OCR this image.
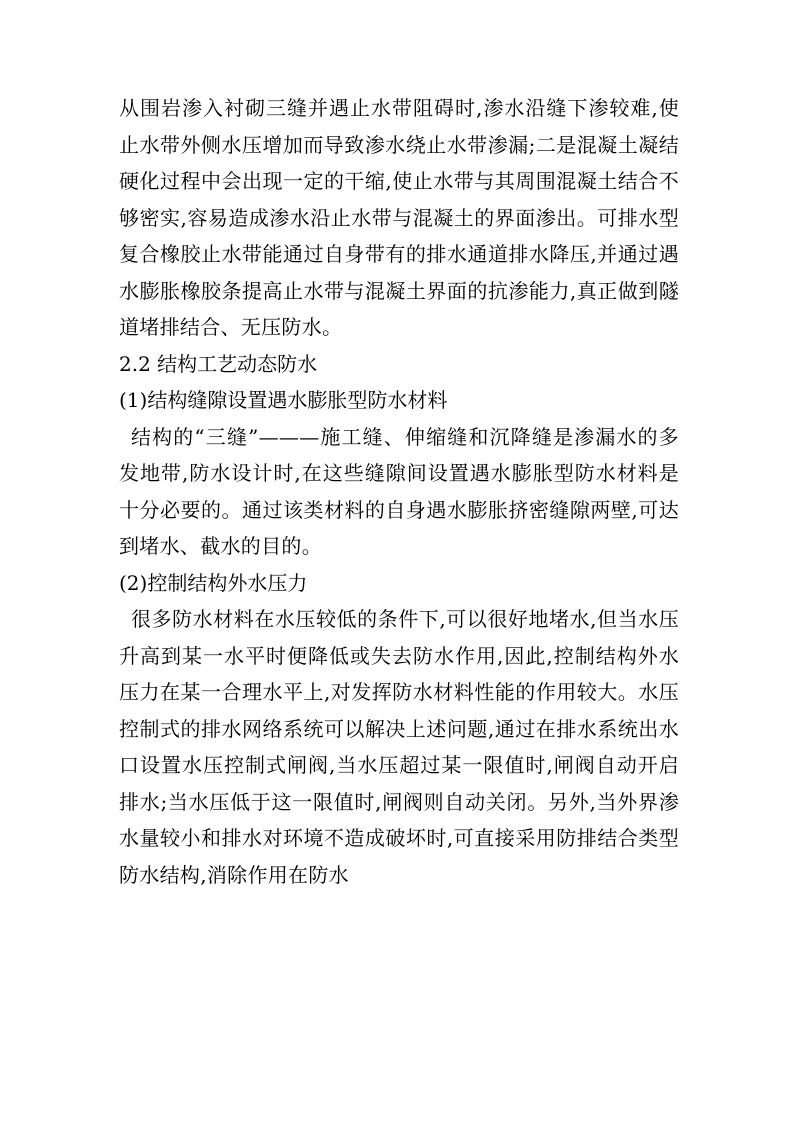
从围岩渗入衬砌三缝并遇止水带阻碍时,渗水沿缝下渗较难,使止水带外侧水压增加而导致渗水绕止水带渗漏;二是混凝土凝结硬化过程中会出现一定的干缩,使止水带与其周围混凝土结合不够密实,容易造成渗水沿止水带与混凝土的界面渗出。可排水型复合橡胶止水带能通过自身带有的排水通道排水降压,并通过遇水膨胀橡胶条提高止水带与混凝土界面的抗渗能力,真正做到隧道堵排结合、无压防水。

2.2 结构工艺动态防水

(1)结构缝隙设置遇水膨胀型防水材料

结构的“三缝”———施工缝、伸缩缝和沉降缝是渗漏水的多发地带,防水设计时,在这些缝隙间设置遇水膨胀型防水材料是十分必要的。通过该类材料的自身遇水膨胀挤密缝隙两壁,可达到堵水、截水的目的。

(2)控制结构外水压力

很多防水材料在水压较低的条件下,可以很好地堵水,但当水压升高到某一水平时便降低或失去防水作用,因此,控制结构外水压力在某一合理水平上,对发挥防水材料性能的作用较大。水压控制式的排水网络系统可以解决上述问题,通过在排水系统出水口设置水压控制式闸阀,当水压超过某一限值时,闸阀自动开启排水;当水压低于这一限值时,闸阀则自动关闭。另外,当外界渗水量较小和排水对环境不造成破坏时,可直接采用防排结合类型防水结构,消除作用在防水
